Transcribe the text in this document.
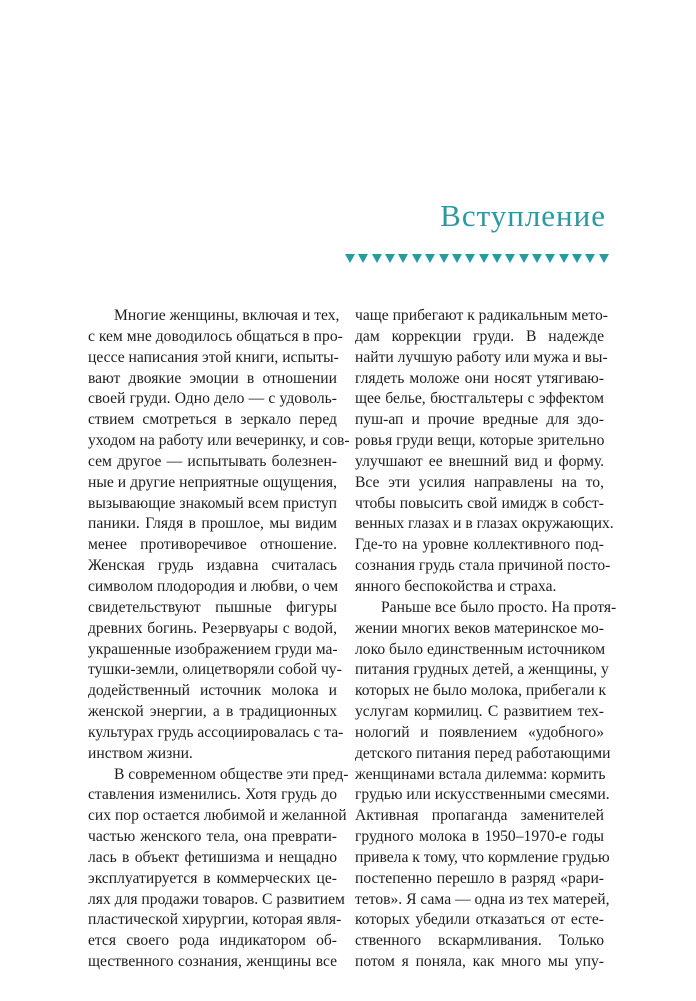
Вступление
Многие женщины, включая и тех,
с кем мне доводилось общаться в про-
цессе написания этой книги, испыты-
вают двоякие эмоции в отношении
своей груди. Одно дело — с удоволь-
ствием смотреться в зеркало перед
уходом на работу или вечеринку, и сов-
сем другое — испытывать болезнен-
ные и другие неприятные ощущения,
вызывающие знакомый всем приступ
паники. Глядя в прошлое, мы видим
менее противоречивое отношение.
Женская грудь издавна считалась
символом плодородия и любви, о чем
свидетельствуют пышные фигуры
древних богинь. Резервуары с водой,
украшенные изображением груди ма-
тушки-земли, олицетворяли собой чу-
додейственный источник молока и
женской энергии, а в традиционных
культурах грудь ассоциировалась с та-
инством жизни.
В современном обществе эти пред-
ставления изменились. Хотя грудь до
сих пор остается любимой и желанной
частью женского тела, она преврати-
лась в объект фетишизма и нещадно
эксплуатируется в коммерческих це-
лях для продажи товаров. С развитием
пластической хирургии, которая явля-
ется своего рода индикатором об-
щественного сознания, женщины все
чаще прибегают к радикальным мето-
дам коррекции груди. В надежде
найти лучшую работу или мужа и вы-
глядеть моложе они носят утягиваю-
щее белье, бюстгальтеры с эффектом
пуш-ап и прочие вредные для здо-
ровья груди вещи, которые зрительно
улучшают ее внешний вид и форму.
Все эти усилия направлены на то,
чтобы повысить свой имидж в собст-
венных глазах и в глазах окружающих.
Где-то на уровне коллективного под-
сознания грудь стала причиной посто-
янного беспокойства и страха.
Раньше все было просто. На протя-
жении многих веков материнское мо-
локо было единственным источником
питания грудных детей, а женщины, у
которых не было молока, прибегали к
услугам кормилиц. С развитием тех-
нологий и появлением «удобного»
детского питания перед работающими
женщинами встала дилемма: кормить
грудью или искусственными смесями.
Активная пропаганда заменителей
грудного молока в 1950–1970-е годы
привела к тому, что кормление грудью
постепенно перешло в разряд «рари-
тетов». Я сама — одна из тех матерей,
которых убедили отказаться от есте-
ственного вскармливания. Только
потом я поняла, как много мы упу-
